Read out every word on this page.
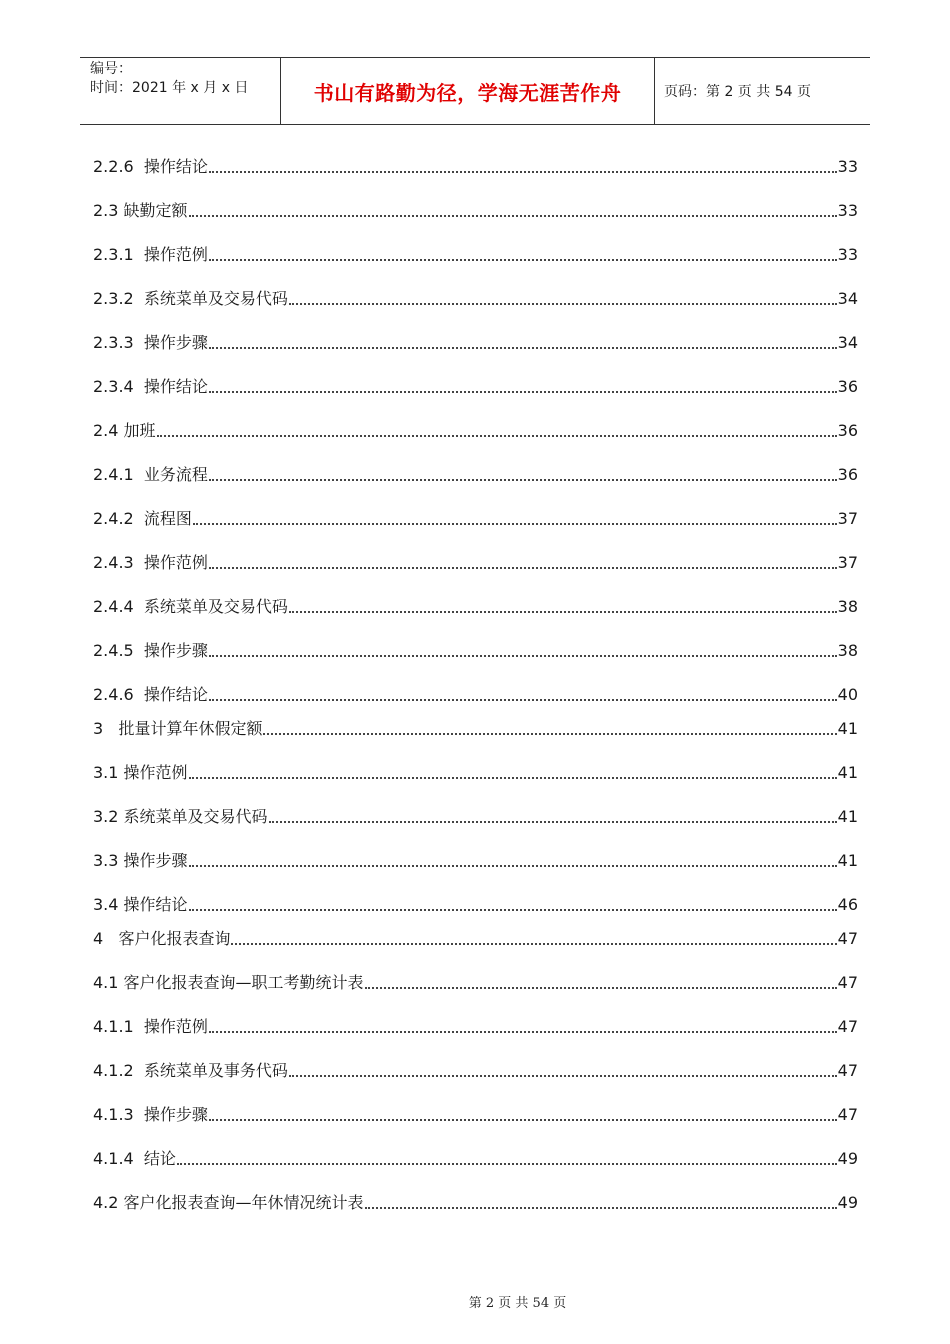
编号：
时间：2021 年 x 月 x 日	书山有路勤为径，学海无涯苦作舟	页码：第 2 页 共 54 页
2.2.6  操作结论	33
2.3 缺勤定额	33
2.3.1  操作范例	33
2.3.2  系统菜单及交易代码	34
2.3.3  操作步骤	34
2.3.4  操作结论	36
2.4 加班	36
2.4.1  业务流程	36
2.4.2  流程图	37
2.4.3  操作范例	37
2.4.4  系统菜单及交易代码	38
2.4.5  操作步骤	38
2.4.6  操作结论	40
3   批量计算年休假定额	41
3.1 操作范例	41
3.2 系统菜单及交易代码	41
3.3 操作步骤	41
3.4 操作结论	46
4   客户化报表查询	47
4.1 客户化报表查询—职工考勤统计表	47
4.1.1  操作范例	47
4.1.2  系统菜单及事务代码	47
4.1.3  操作步骤	47
4.1.4  结论	49
4.2 客户化报表查询—年休情况统计表	49
第 2 页 共 54 页
